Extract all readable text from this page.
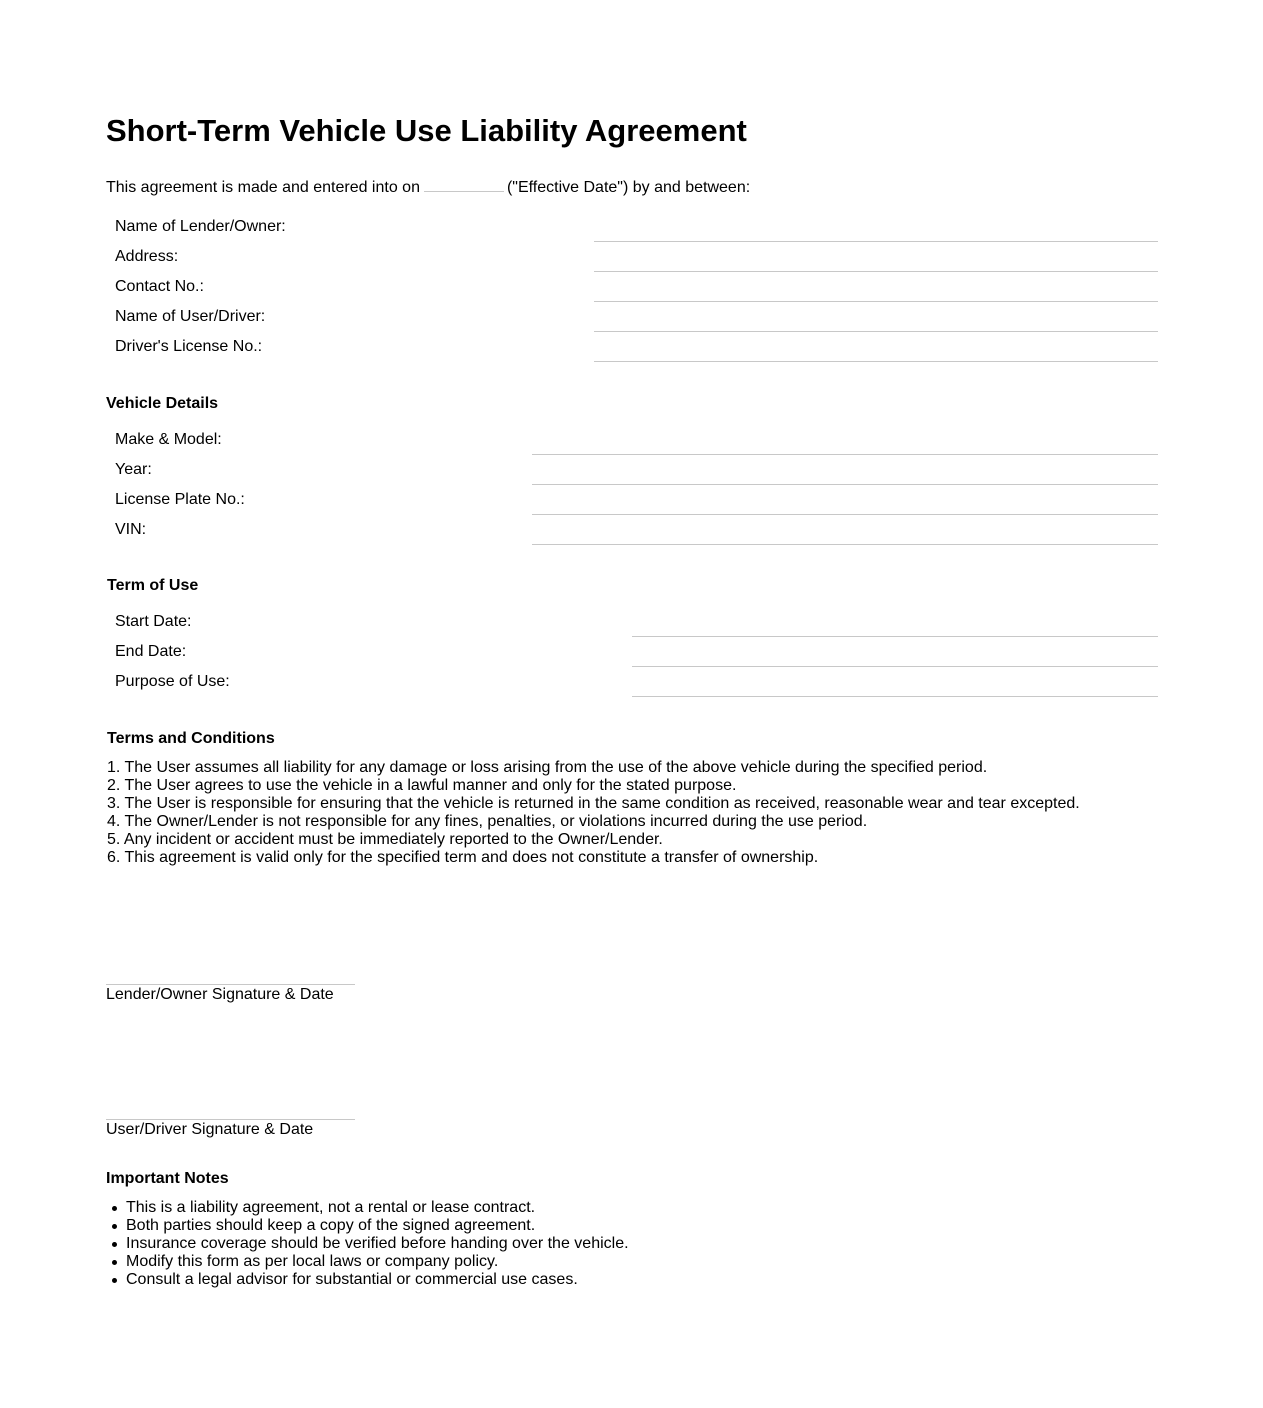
Short-Term Vehicle Use Liability Agreement
This agreement is made and entered into on	("Effective Date") by and between:
Name of Lender/Owner:
Address:
Contact No.:
Name of User/Driver:
Driver's License No.:
Vehicle Details
Make & Model:
Year:
License Plate No.:
VIN:
Term of Use
Start Date:
End Date:
Purpose of Use:
Terms and Conditions
1. The User assumes all liability for any damage or loss arising from the use of the above vehicle during the specified period.
2. The User agrees to use the vehicle in a lawful manner and only for the stated purpose.
3. The User is responsible for ensuring that the vehicle is returned in the same condition as received, reasonable wear and tear excepted.
4. The Owner/Lender is not responsible for any fines, penalties, or violations incurred during the use period.
5. Any incident or accident must be immediately reported to the Owner/Lender.
6. This agreement is valid only for the specified term and does not constitute a transfer of ownership.
Lender/Owner Signature & Date
User/Driver Signature & Date
Important Notes
This is a liability agreement, not a rental or lease contract.
Both parties should keep a copy of the signed agreement.
Insurance coverage should be verified before handing over the vehicle.
Modify this form as per local laws or company policy.
Consult a legal advisor for substantial or commercial use cases.
